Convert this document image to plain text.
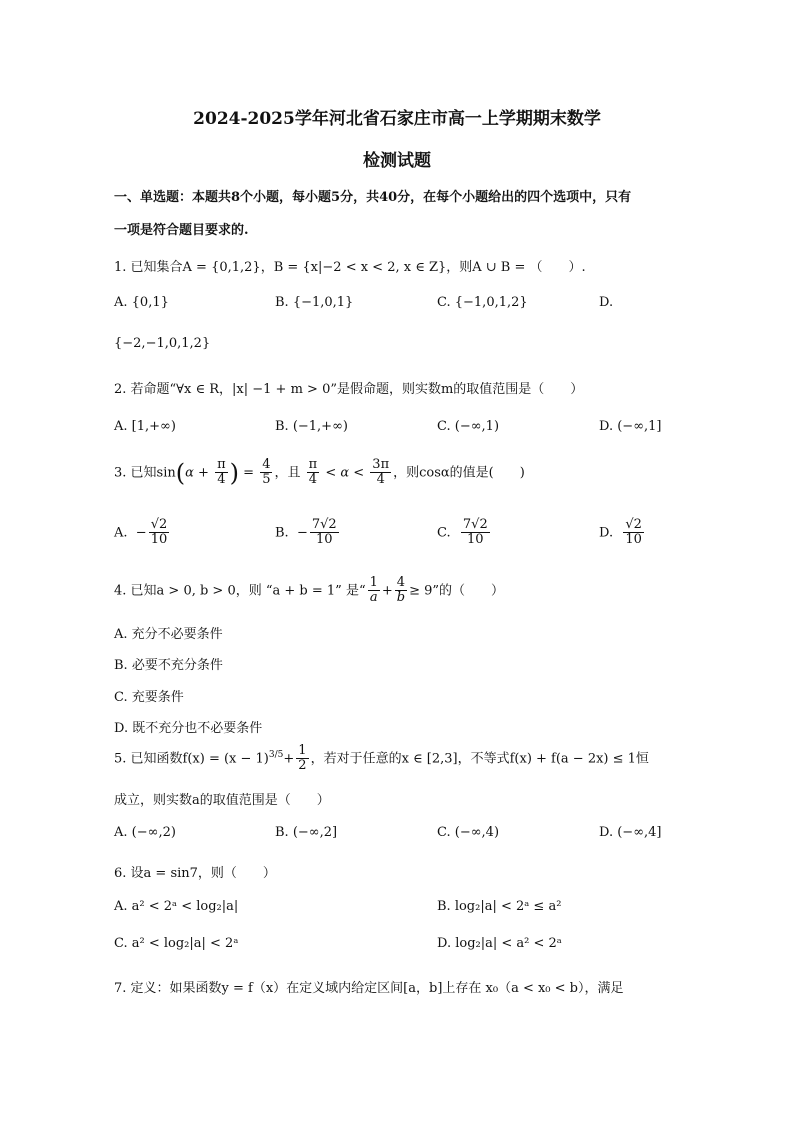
2024-2025学年河北省石家庄市高一上学期期末数学
检测试题
一、单选题：本题共8个小题，每小题5分，共40分，在每个小题给出的四个选项中，只有
一项是符合题目要求的.
1. 已知集合A = {0,1,2}，B = {x|−2 < x < 2, x ∈ Z}，则A ∪ B = （　　）.
A. {0,1}	B. {−1,0,1}	C. {−1,0,1,2}	D.
{−2,−1,0,1,2}
2. 若命题“∀x ∈ R，|x| −1 + m > 0”是假命题，则实数m的取值范围是（　　）
A. [1,+∞)	B. (−1,+∞)	C. (−∞,1)	D. (−∞,1]
3. 已知$\sin(\alpha + \frac{\pi}{4}$ ) = $\frac{4}{5}$ ，且 $\frac{\pi}{4} < \alpha < \frac{3\pi}{4}$ ，则cosα的值是(　　)
A. − $\frac{√2}{10}$	B. − $\frac{7√2}{10}$	C. $\frac{7√2}{10}$	D. $\frac{√2}{10}$
4. 已知a > 0, b > 0，则 “a + b = 1” 是“ $\frac{1}{a} + \frac{4}{b} \ge 9$”的（　　）
A. 充分不必要条件
B. 必要不充分条件
C. 充要条件
D. 既不充分也不必要条件
5. 已知函数$f(x) = (x - 1)^{3/5}+ \frac{1}{2}$ ，若对于任意的x ∈ [2,3]，不等式f(x) + f(a − 2x) ≤ 1恒
成立，则实数a的取值范围是（　　）
A. (−∞,2)	B. (−∞,2]	C. (−∞,4)	D. (−∞,4]
6. 设a = sin7，则（　　）
A. a² < 2ᵃ < log₂|a|	B. log₂|a| < 2ᵃ ≤ a²
C. a² < log₂|a| < 2ᵃ	D. log₂|a| < a² < 2ᵃ
7. 定义：如果函数y = f（x）在定义域内给定区间[a，b]上存在 x₀（a < x₀ < b），满足
